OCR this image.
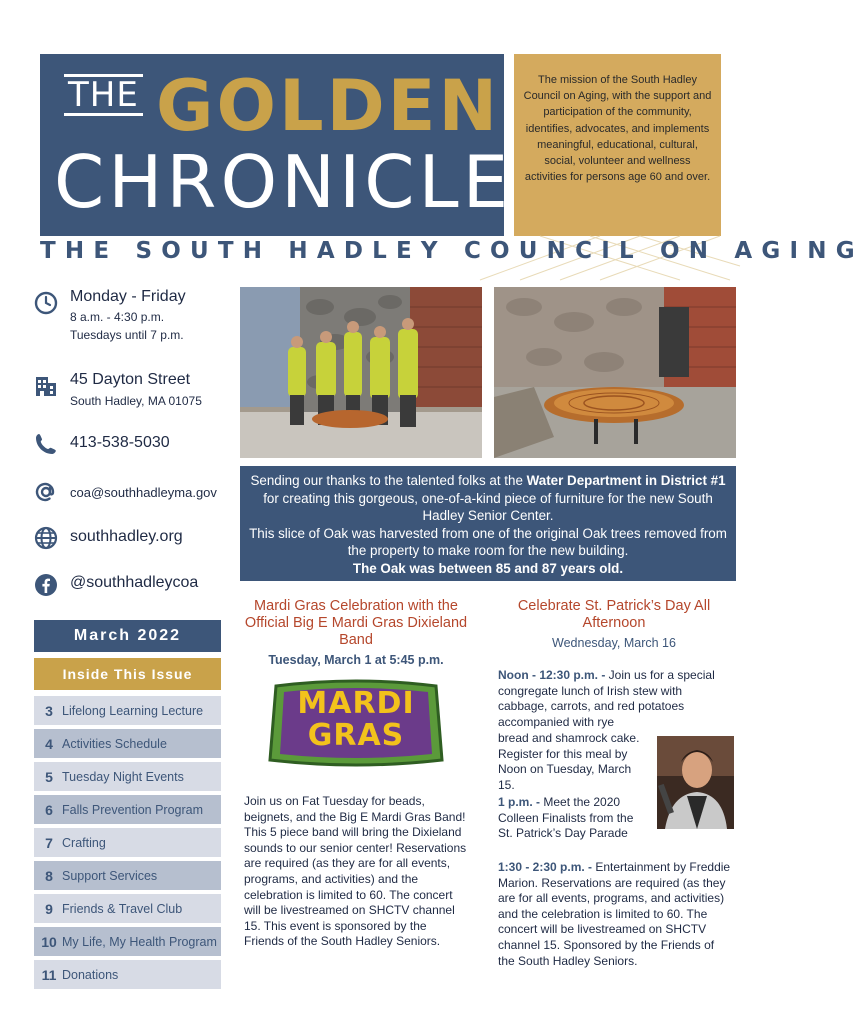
THE GOLDEN
CHRONICLE
The mission of the South Hadley Council on Aging, with the support and participation of the community, identifies, advocates, and implements meaningful, educational, cultural, social, volunteer and wellness activities for persons age 60 and over.
THE SOUTH HADLEY COUNCIL ON AGING
Monday - Friday
8 a.m. - 4:30 p.m.
Tuesdays until 7 p.m.
45 Dayton Street
South Hadley, MA 01075
413-538-5030
coa@southhadleyma.gov
southhadley.org
@southhadleycoa
Sending our thanks to the talented folks at the Water Department in District #1 for creating this gorgeous, one-of-a-kind piece of furniture for the new South Hadley Senior Center.
This slice of Oak was harvested from one of the original Oak trees removed from the property to make room for the new building.
The Oak was between 85 and 87 years old.
March 2022
Inside This Issue
3 Lifelong Learning Lecture
4 Activities Schedule
5 Tuesday Night Events
6 Falls Prevention Program
7 Crafting
8 Support Services
9 Friends & Travel Club
10 My Life, My Health Program
11 Donations
Mardi Gras Celebration with the Official Big E Mardi Gras Dixieland Band
Tuesday, March 1 at 5:45 p.m.
MARDI
GRAS
Join us on Fat Tuesday for beads, beignets, and the Big E Mardi Gras Band! This 5 piece band will bring the Dixieland sounds to our senior center! Reservations are required (as they are for all events, programs, and activities) and the celebration is limited to 60. The concert will be livestreamed on SHCTV channel 15. This event is sponsored by the Friends of the South Hadley Seniors.
Celebrate St. Patrick’s Day All Afternoon
Wednesday, March 16
Noon - 12:30 p.m. - Join us for a special congregate lunch of Irish stew with cabbage, carrots, and red potatoes accompanied with rye
bread and shamrock cake. Register for this meal by Noon on Tuesday, March 15.
1 p.m. - Meet the 2020 Colleen Finalists from the St. Patrick’s Day Parade
1:30 - 2:30 p.m. - Entertainment by Freddie Marion. Reservations are required (as they are for all events, programs, and activities) and the celebration is limited to 60. The concert will be livestreamed on SHCTV channel 15. Sponsored by the Friends of the South Hadley Seniors.
